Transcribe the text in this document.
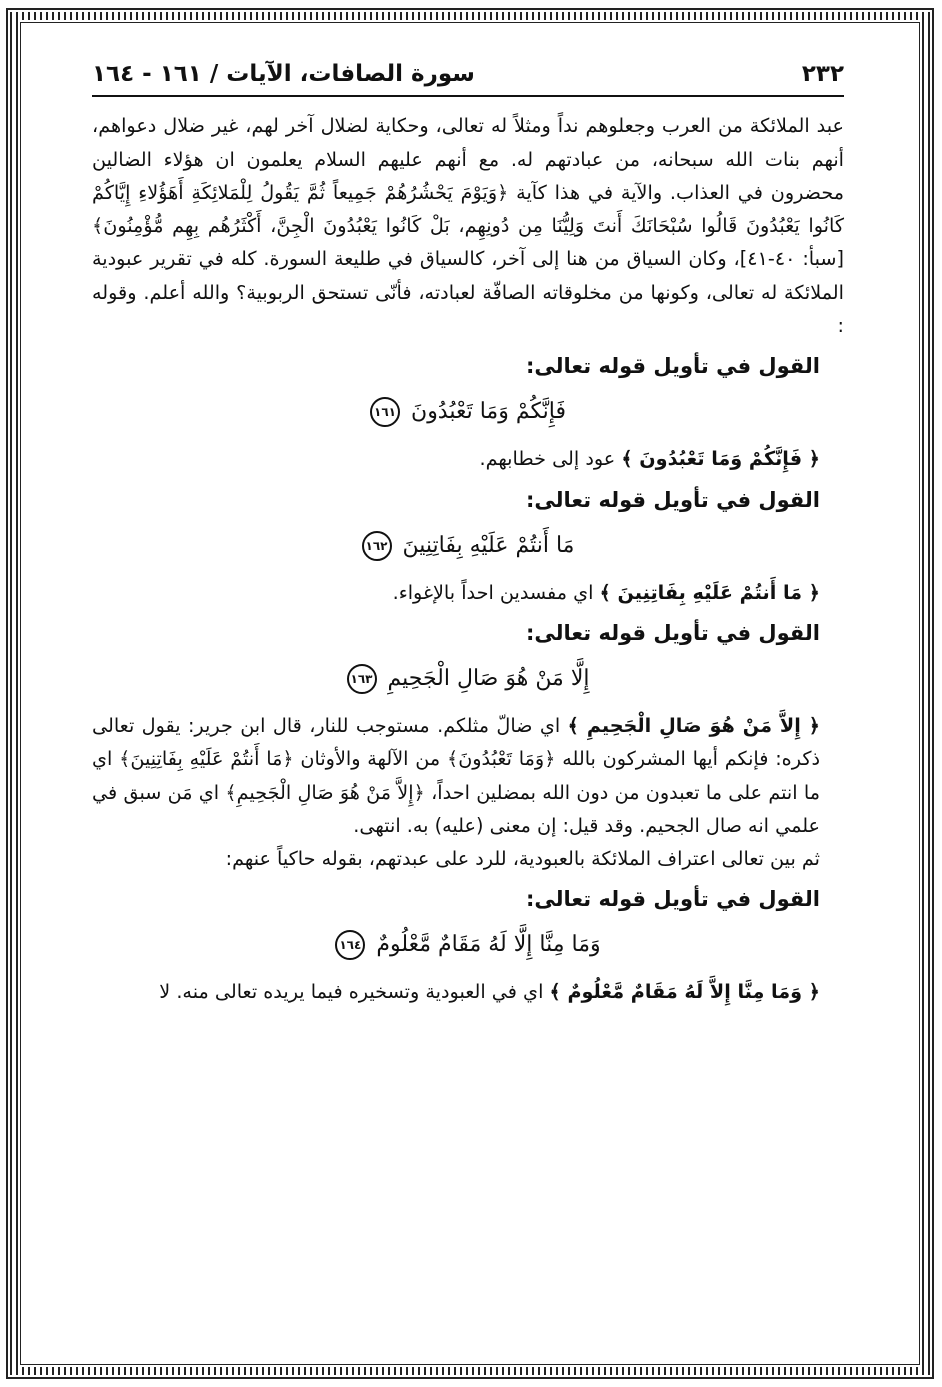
٢٣٢
سورة الصافات، الآيات / ١٦١ - ١٦٤

عبد الملائكة من العرب وجعلوهم نداً ومثلاً له تعالى، وحكاية لضلال آخر لهم، غير ضلال دعواهم، أنهم بنات الله سبحانه، من عبادتهم له. مع أنهم عليهم السلام يعلمون ان هؤلاء الضالين محضرون في العذاب. والآية في هذا كآية ﴿وَيَوْمَ يَحْشُرُهُمْ جَمِيعاً ثُمَّ يَقُولُ لِلْمَلائِكَةِ أَهَؤُلاءِ إِيَّاكُمْ كَانُوا يَعْبُدُونَ قَالُوا سُبْحَانَكَ أَنتَ وَلِيُّنَا مِن دُونِهِم، بَلْ كَانُوا يَعْبُدُونَ الْجِنَّ، أَكْثَرُهُم بِهِم مُّؤْمِنُونَ﴾ [سبأ: ٤٠-٤١]، وكان السياق من هنا إلى آخر، كالسياق في طليعة السورة. كله في تقرير عبودية الملائكة له تعالى، وكونها من مخلوقاته الصافّة لعبادته، فأنّى تستحق الربوبية؟ والله أعلم. وقوله :

القول في تأويل قوله تعالى:
فَإِنَّكُمْ وَمَا تَعْبُدُونَ ١٦١

﴿ فَإِنَّكُمْ وَمَا تَعْبُدُونَ ﴾ عود إلى خطابهم.

القول في تأويل قوله تعالى:
مَا أَنتُمْ عَلَيْهِ بِفَاتِنِينَ ١٦٢

﴿ مَا أَنتُمْ عَلَيْهِ بِفَاتِنِينَ ﴾ اي مفسدين احداً بالإغواء.

القول في تأويل قوله تعالى:
إِلَّا مَنْ هُوَ صَالِ الْجَحِيمِ ١٦٣

﴿ إِلاَّ مَنْ هُوَ صَالِ الْجَحِيمِ ﴾ اي ضالّ مثلكم. مستوجب للنار، قال ابن جرير: يقول تعالى ذكره: فإنكم أيها المشركون بالله ﴿وَمَا تَعْبُدُونَ﴾ من الآلهة والأوثان ﴿مَا أَنتُمْ عَلَيْهِ بِفَاتِنِينَ﴾ اي ما انتم على ما تعبدون من دون الله بمضلين احداً، ﴿إِلاَّ مَنْ هُوَ صَالِ الْجَحِيمِ﴾ اي مَن سبق في علمي انه صال الجحيم. وقد قيل: إن معنى (عليه) به. انتهى.

ثم بين تعالى اعتراف الملائكة بالعبودية، للرد على عبدتهم، بقوله حاكياً عنهم:

القول في تأويل قوله تعالى:
وَمَا مِنَّا إِلَّا لَهُ مَقَامٌ مَّعْلُومٌ ١٦٤

﴿ وَمَا مِنَّا إِلاَّ لَهُ مَقَامٌ مَّعْلُومٌ ﴾ اي في العبودية وتسخيره فيما يريده تعالى منه. لا
